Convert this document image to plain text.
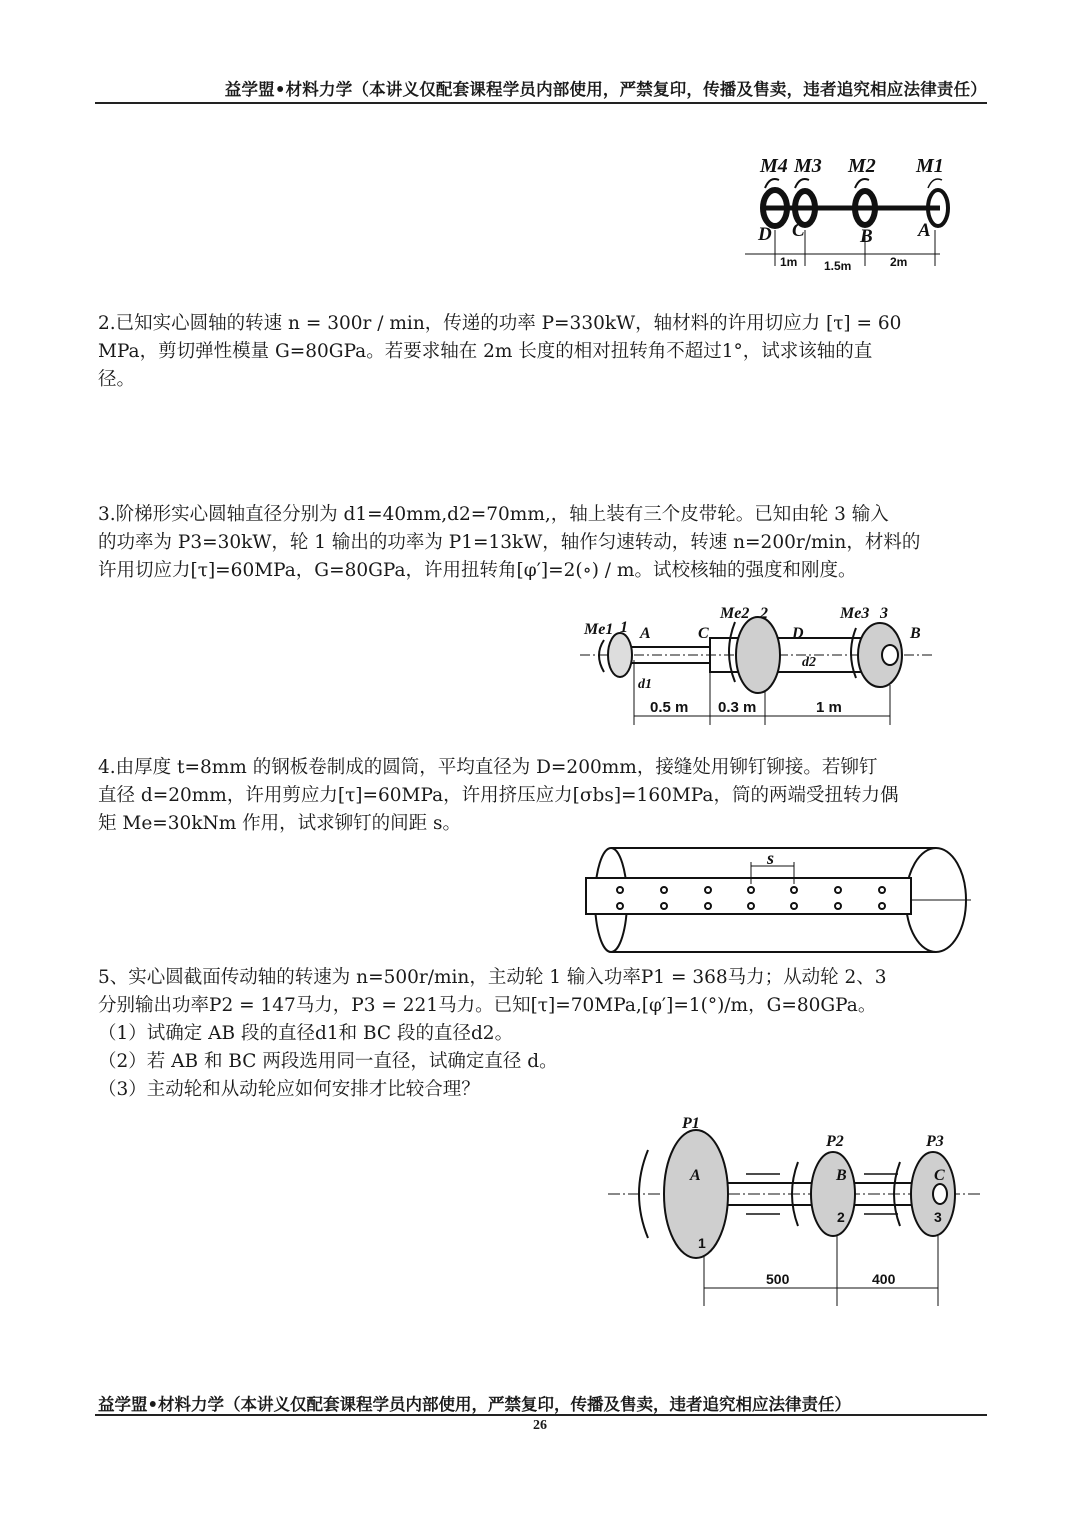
益学盟•材料力学（本讲义仅配套课程学员内部使用，严禁复印，传播及售卖，违者追究相应法律责任）
M4 M3 M2 M1
D C	B A
1m 1.5m	2m
2.已知实心圆轴的转速 n = 300r / min，传递的功率 P=330kW，轴材料的许用切应力 [τ] = 60
MPa，剪切弹性模量 G=80GPa。若要求轴在 2m 长度的相对扭转角不超过1°，试求该轴的直
径。
3.阶梯形实心圆轴直径分别为 d1=40mm,d2=70mm,，轴上装有三个皮带轮。已知由轮 3 输入
的功率为 P3=30kW，轮 1 输出的功率为 P1=13kW，轴作匀速转动，转速 n=200r/min，材料的
许用切应力[τ]=60MPa，G=80GPa，许用扭转角[φ′]=2(∘) / m。试校核轴的强度和刚度。
Me1 1 A	C
Me2 2
D
Me3 3
B
d1
d2
0.5 m 0.3 m	1 m
4.由厚度 t=8mm 的钢板卷制成的圆筒，平均直径为 D=200mm，接缝处用铆钉铆接。若铆钉
直径 d=20mm，许用剪应力[τ]=60MPa，许用挤压应力[σbs]=160MPa，筒的两端受扭转力偶
矩 Me=30kNm 作用，试求铆钉的间距 s。
s
5、实心圆截面传动轴的转速为 n=500r/min，主动轮 1 输入功率P1 = 368马力；从动轮 2、3
分别输出功率P2 = 147马力，P3 = 221马力。已知[τ]=70MPa,[φ′]=1(°)/m，G=80GPa。
（1）试确定 AB 段的直径d1和 BC 段的直径d2。
（2）若 AB 和 BC 两段选用同一直径，试确定直径 d。
（3）主动轮和从动轮应如何安排才比较合理？
P1
P2	P3
A	B	C
1
2	3
500	400
益学盟•材料力学（本讲义仅配套课程学员内部使用，严禁复印，传播及售卖，违者追究相应法律责任）
26
